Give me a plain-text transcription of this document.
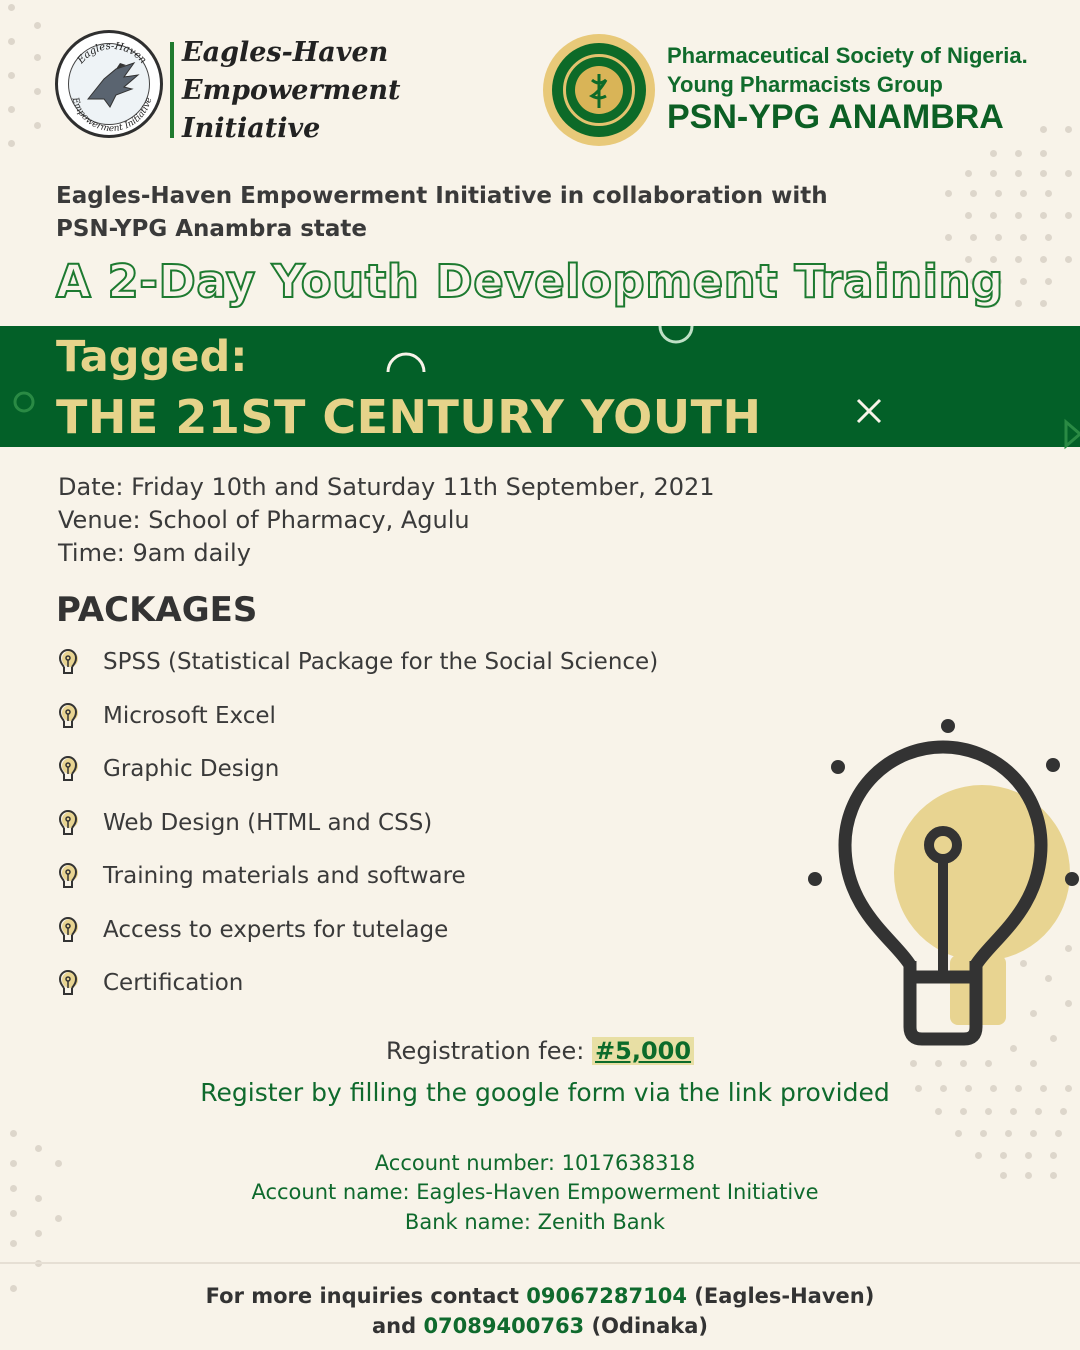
Eagles-Haven
Empowerment Initiative
Eagles-Haven
Empowerment
Initiative
Pharmaceutical Society of Nigeria.
Young Pharmacists Group
PSN-YPG ANAMBRA
Eagles-Haven Empowerment Initiative in collaboration with
PSN-YPG Anambra state
A 2-Day Youth Development Training
Tagged:
THE 21ST CENTURY YOUTH
Date: Friday 10th and Saturday 11th September, 2021
Venue: School of Pharmacy, Agulu
Time: 9am daily
PACKAGES
SPSS (Statistical Package for the Social Science)
Microsoft Excel
Graphic Design
Web Design (HTML and CSS)
Training materials and software
Access to experts for tutelage
Certification
Registration fee: #5,000
Register by filling the google form via the link provided
Account number: 1017638318
Account name: Eagles-Haven Empowerment Initiative
Bank name: Zenith Bank
For more inquiries contact 09067287104 (Eagles-Haven)
and 07089400763 (Odinaka)
